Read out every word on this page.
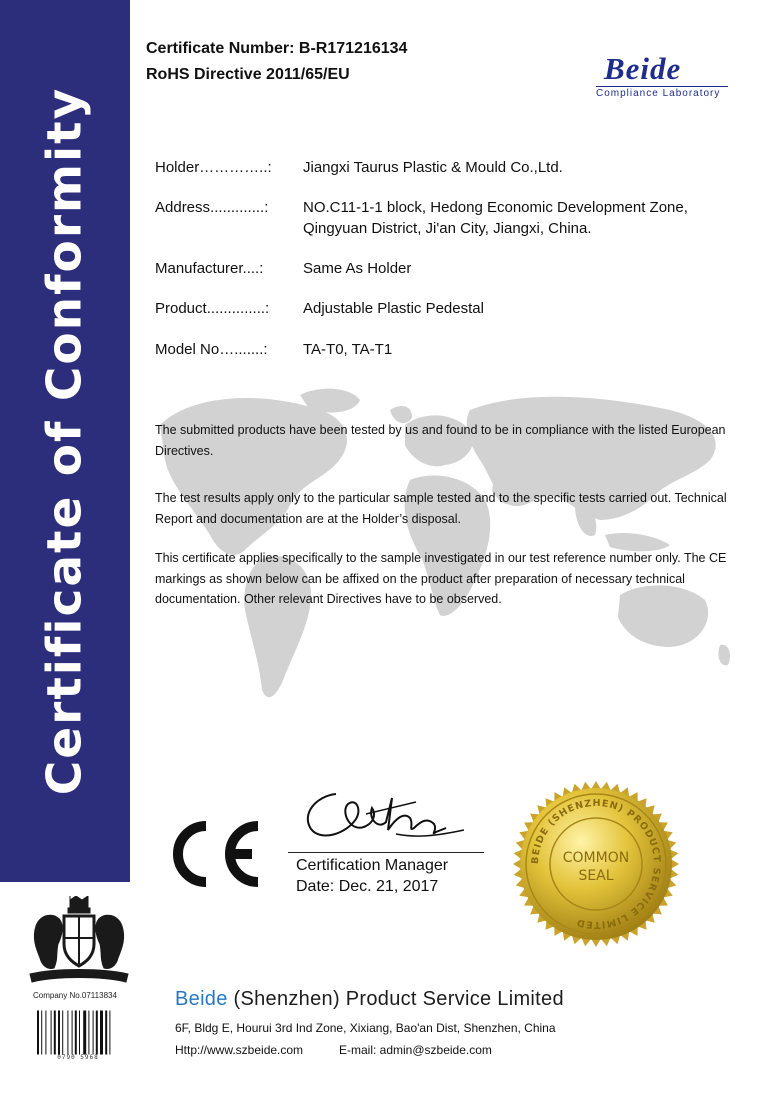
Certificate of Conformity
Certificate Number: B-R171216134
RoHS Directive 2011/65/EU	Beide
Compliance Laboratory
Holder…………..:	Jiangxi Taurus Plastic & Mould Co.,Ltd.
Address.............:	NO.C11-1-1 block, Hedong Economic Development Zone, Qingyuan District, Ji'an City, Jiangxi, China.
Manufacturer....:	Same As Holder
Product..............:	Adjustable Plastic Pedestal
Model No….......:	TA-T0, TA-T1

The submitted products have been tested by us and found to be in compliance with the listed European Directives.

The test results apply only to the particular sample tested and to the specific tests carried out. Technical Report and documentation are at the Holder’s disposal.

This certificate applies specifically to the sample investigated in our test reference number only. The CE markings as shown below can be affixed on the product after preparation of necessary technical documentation. Other relevant Directives have to be observed.

Certification Manager
Date: Dec. 21, 2017
BEIDE (SHENZHEN) PRODUCT SERVICE LIMITED
COMMON
SEAL
Company No.07113834
0790 5968
Beide (Shenzhen) Product Service Limited
6F, Bldg E, Hourui 3rd Ind Zone, Xixiang, Bao'an Dist, Shenzhen, China
Http://www.szbeide.com	E-mail: admin@szbeide.com
